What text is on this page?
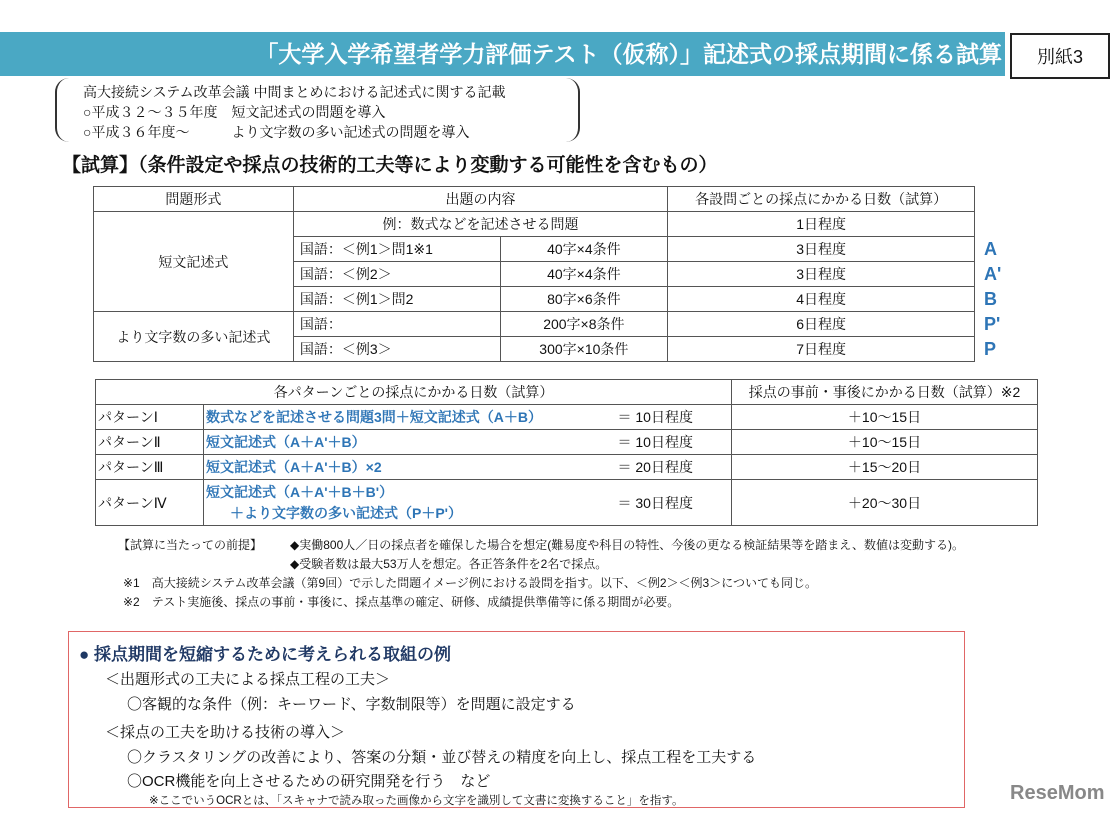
「大学入学希望者学力評価テスト（仮称）」記述式の採点期間に係る試算	別紙3
高大接続システム改革会議 中間まとめにおける記述式に関する記載
○平成３２～３５年度　短文記述式の問題を導入
○平成３６年度～　　　より文字数の多い記述式の問題を導入
【試算】（条件設定や採点の技術的工夫等により変動する可能性を含むもの）
問題形式	出題の内容		各設問ごとの採点にかかる日数（試算）
短文記述式	例：数式などを記述させる問題		1日程度
	国語：＜例1＞問1※1	40字×4条件	3日程度
	国語：＜例2＞	40字×4条件	3日程度
	国語：＜例1＞問2	80字×6条件	4日程度
より文字数の多い記述式	国語：	200字×8条件	6日程度
	国語：＜例3＞	300字×10条件	7日程度
A
A'
B
P'
P
各パターンごとの採点にかかる日数（試算）			採点の事前・事後にかかる日数（試算）※2
パターンⅠ	数式などを記述させる問題3問＋短文記述式（A＋B）	＝ 10日程度	＋10～15日
パターンⅡ	短文記述式（A＋A'＋B）	＝ 10日程度	＋10～15日
パターンⅢ	短文記述式（A＋A'＋B）×2	＝ 20日程度	＋15～20日
パターンⅣ	短文記述式（A＋A'＋B＋B'）
＋より文字数の多い記述式（P＋P'）	＝ 30日程度	＋20～30日
【試算に当たっての前提】 ◆実働800人／日の採点者を確保した場合を想定(難易度や科目の特性、今後の更なる検証結果等を踏まえ、数値は変動する)。
◆受験者数は最大53万人を想定。各正答条件を2名で採点。
※1　高大接続システム改革会議（第9回）で示した問題イメージ例における設問を指す。以下、＜例2＞＜例3＞についても同じ。
※2　テスト実施後、採点の事前・事後に、採点基準の確定、研修、成績提供準備等に係る期間が必要。
● 採点期間を短縮するために考えられる取組の例
＜出題形式の工夫による採点工程の工夫＞
〇客観的な条件（例：キーワード、字数制限等）を問題に設定する
＜採点の工夫を助ける技術の導入＞
〇クラスタリングの改善により、答案の分類・並び替えの精度を向上し、採点工程を工夫する
〇OCR機能を向上させるための研究開発を行う　など
※ここでいうOCRとは、「スキャナで読み取った画像から文字を識別して文書に変換すること」を指す。	ReseMom
